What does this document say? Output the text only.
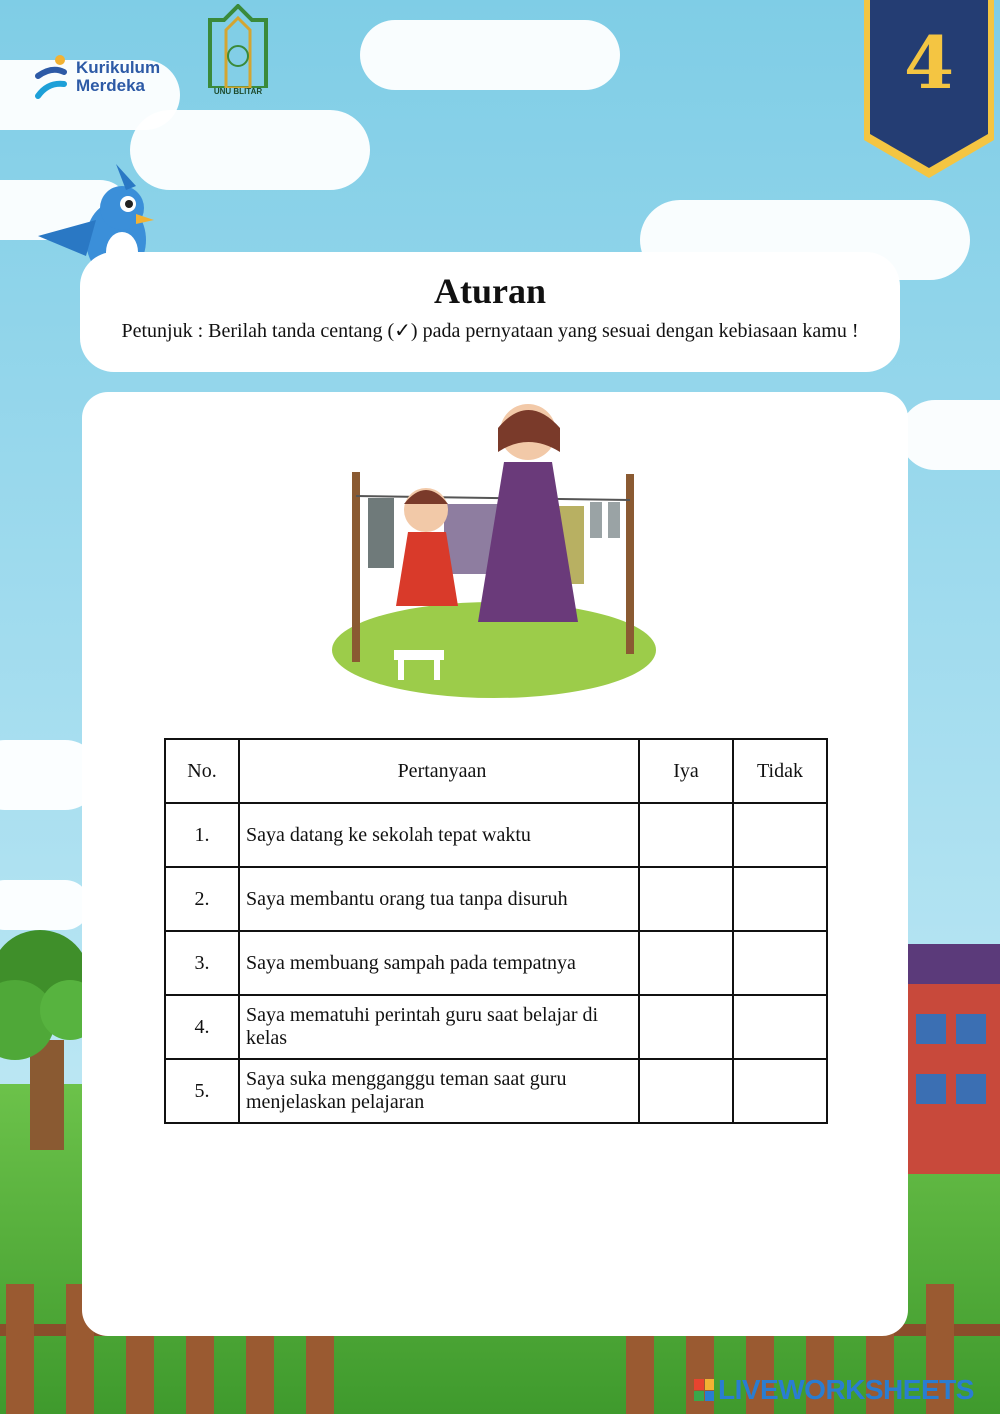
Kurikulum
Merdeka	UNU BLITAR	4
Aturan
Petunjuk : Berilah tanda centang (✓) pada pernyataan yang sesuai dengan kebiasaan kamu !
No.	Pertanyaan	Iya	Tidak
1.	Saya datang ke sekolah tepat waktu		
2.	Saya membantu orang tua tanpa disuruh		
3.	Saya membuang sampah pada tempatnya		
4.	Saya mematuhi perintah guru saat belajar di kelas		
5.	Saya suka mengganggu teman saat guru menjelaskan pelajaran		
LIVEWORKSHEETS
